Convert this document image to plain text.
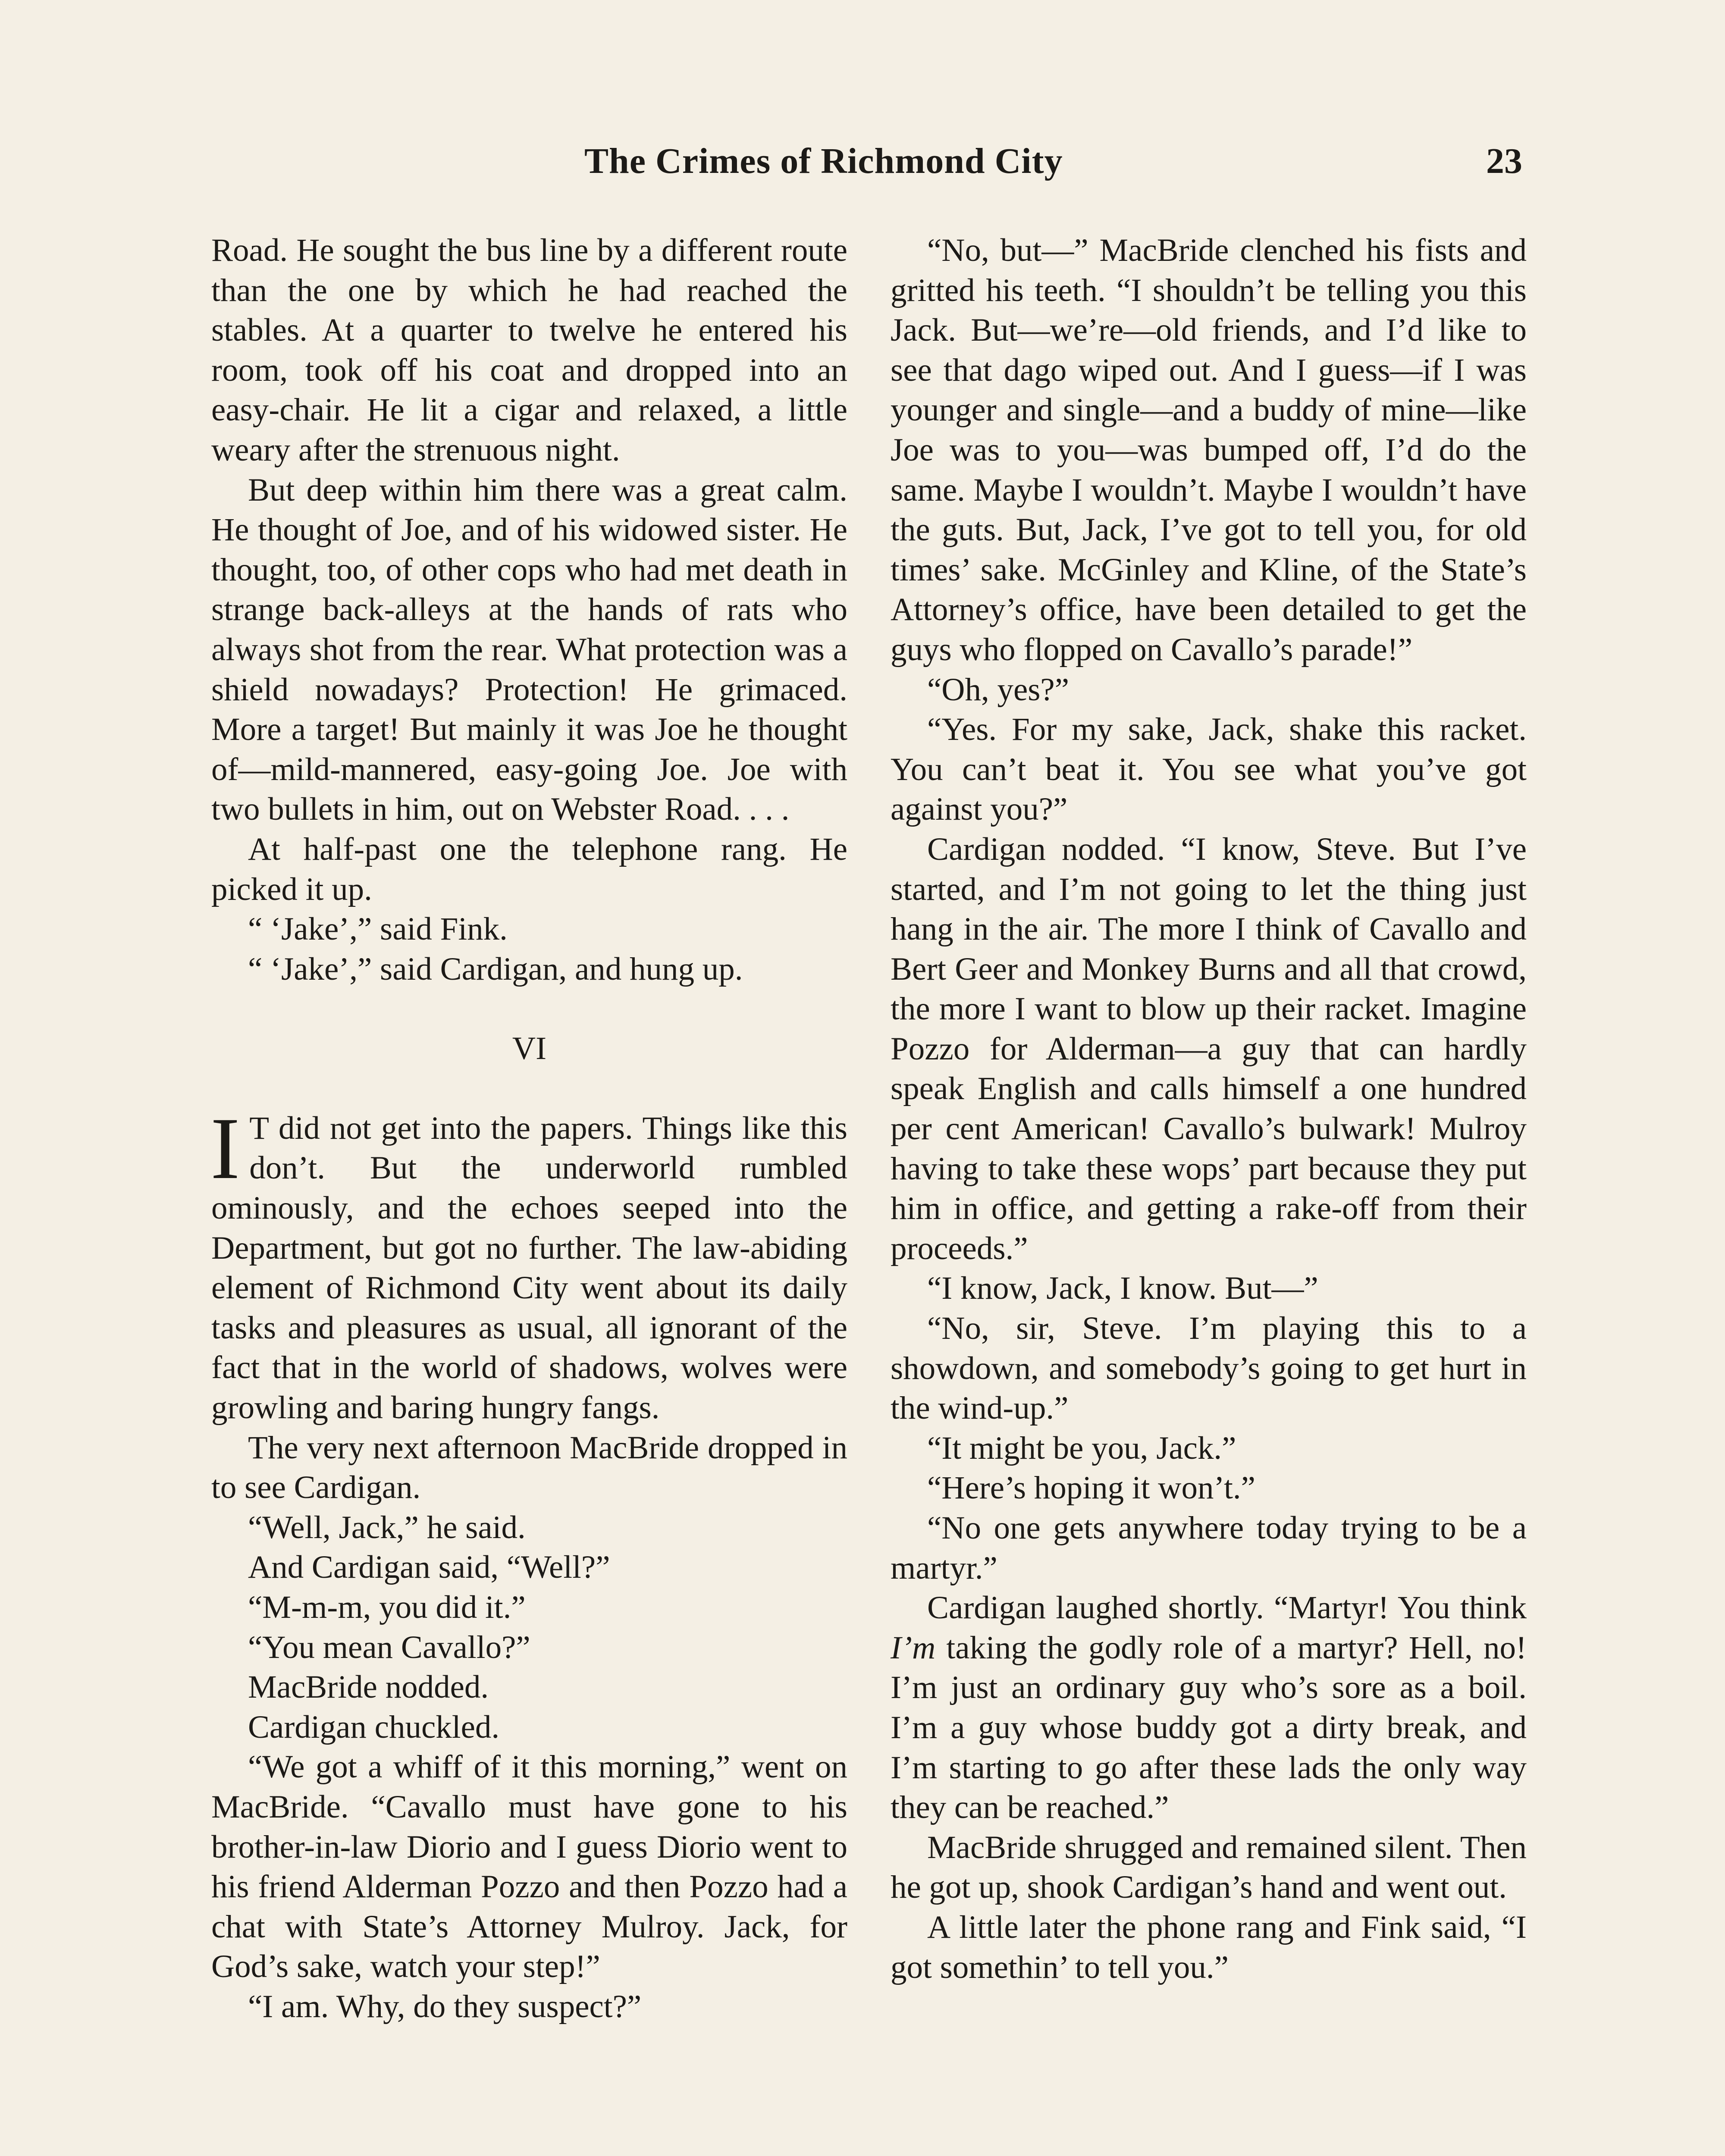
The Crimes of Richmond City	23

Road. He sought the bus line by a different route than the one by which he had reached the stables. At a quarter to twelve he entered his room, took off his coat and dropped into an easy-chair. He lit a cigar and relaxed, a little weary after the strenuous night.

But deep within him there was a great calm. He thought of Joe, and of his widowed sister. He thought, too, of other cops who had met death in strange back-alleys at the hands of rats who always shot from the rear. What protection was a shield nowadays? Protection! He grimaced. More a target! But mainly it was Joe he thought of—mild-mannered, easy-going Joe. Joe with two bullets in him, out on Webster Road. . . .

At half-past one the telephone rang. He picked it up.

“ ‘Jake’,” said Fink.

“ ‘Jake’,” said Cardigan, and hung up.

VI

I T did not get into the papers. Things like this don’t. But the underworld rumbled ominously, and the echoes seeped into the Department, but got no further. The law-abiding element of Richmond City went about its daily tasks and pleasures as usual, all ignorant of the fact that in the world of shadows, wolves were growling and baring hungry fangs.

The very next afternoon MacBride dropped in to see Cardigan.

“Well, Jack,” he said.

And Cardigan said, “Well?”

“M-m-m, you did it.”

“You mean Cavallo?”

MacBride nodded.

Cardigan chuckled.

“We got a whiff of it this morning,” went on MacBride. “Cavallo must have gone to his brother-in-law Diorio and I guess Diorio went to his friend Alderman Pozzo and then Pozzo had a chat with State’s Attorney Mulroy. Jack, for God’s sake, watch your step!”

“I am. Why, do they suspect?”

“No, but—” MacBride clenched his fists and gritted his teeth. “I shouldn’t be telling you this Jack. But—we’re—old friends, and I’d like to see that dago wiped out. And I guess—if I was younger and single—and a buddy of mine—like Joe was to you—was bumped off, I’d do the same. Maybe I wouldn’t. Maybe I wouldn’t have the guts. But, Jack, I’ve got to tell you, for old times’ sake. McGinley and Kline, of the State’s Attorney’s office, have been detailed to get the guys who flopped on Cavallo’s parade!”

“Oh, yes?”

“Yes. For my sake, Jack, shake this racket. You can’t beat it. You see what you’ve got against you?”

Cardigan nodded. “I know, Steve. But I’ve started, and I’m not going to let the thing just hang in the air. The more I think of Cavallo and Bert Geer and Monkey Burns and all that crowd, the more I want to blow up their racket. Imagine Pozzo for Alderman—a guy that can hardly speak English and calls himself a one hundred per cent American! Cavallo’s bulwark! Mulroy having to take these wops’ part because they put him in office, and getting a rake-off from their proceeds.”

“I know, Jack, I know. But—”

“No, sir, Steve. I’m playing this to a showdown, and somebody’s going to get hurt in the wind-up.”

“It might be you, Jack.”

“Here’s hoping it won’t.”

“No one gets anywhere today trying to be a martyr.”

Cardigan laughed shortly. “Martyr! You think I’m taking the godly role of a martyr? Hell, no! I’m just an ordinary guy who’s sore as a boil. I’m a guy whose buddy got a dirty break, and I’m starting to go after these lads the only way they can be reached.”

MacBride shrugged and remained silent. Then he got up, shook Cardigan’s hand and went out.

A little later the phone rang and Fink said, “I got somethin’ to tell you.”
